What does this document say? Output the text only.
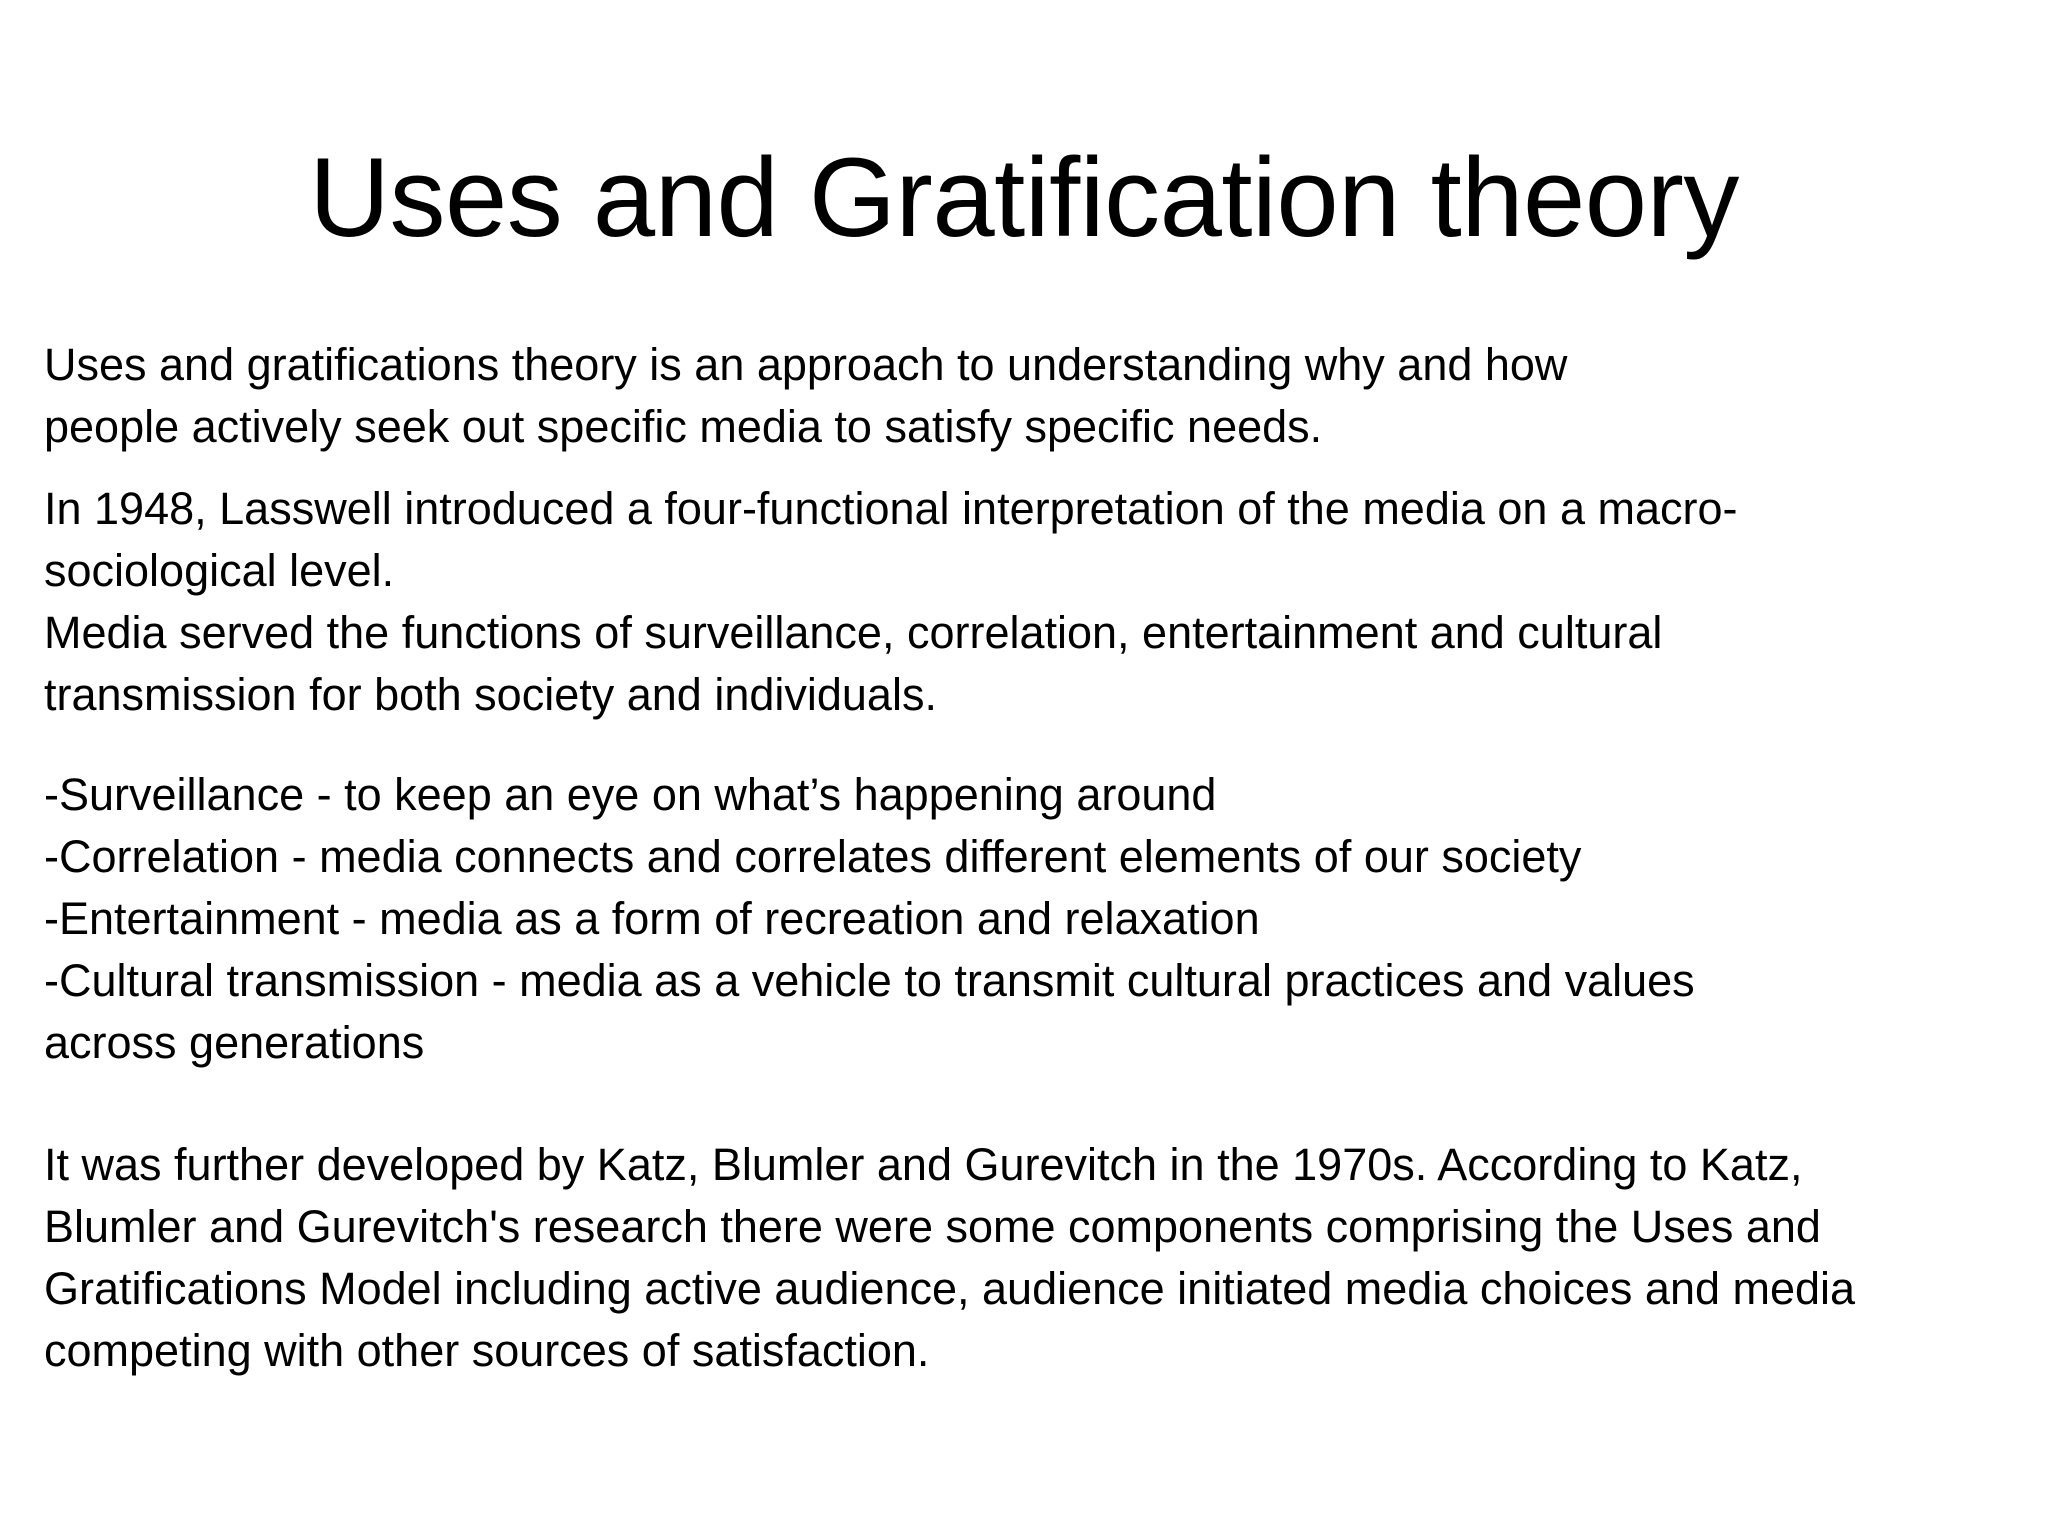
Uses and Gratification theory

Uses and gratifications theory is an approach to understanding why and how
people actively seek out specific media to satisfy specific needs.

In 1948, Lasswell introduced a four-functional interpretation of the media on a macro-
sociological level.
Media served the functions of surveillance, correlation, entertainment and cultural
transmission for both society and individuals.

-Surveillance - to keep an eye on what’s happening around
-Correlation - media connects and correlates different elements of our society
-Entertainment - media as a form of recreation and relaxation
-Cultural transmission - media as a vehicle to transmit cultural practices and values
across generations

It was further developed by Katz, Blumler and Gurevitch in the 1970s. According to Katz,
Blumler and Gurevitch's research there were some components comprising the Uses and
Gratifications Model including active audience, audience initiated media choices and media
competing with other sources of satisfaction.
